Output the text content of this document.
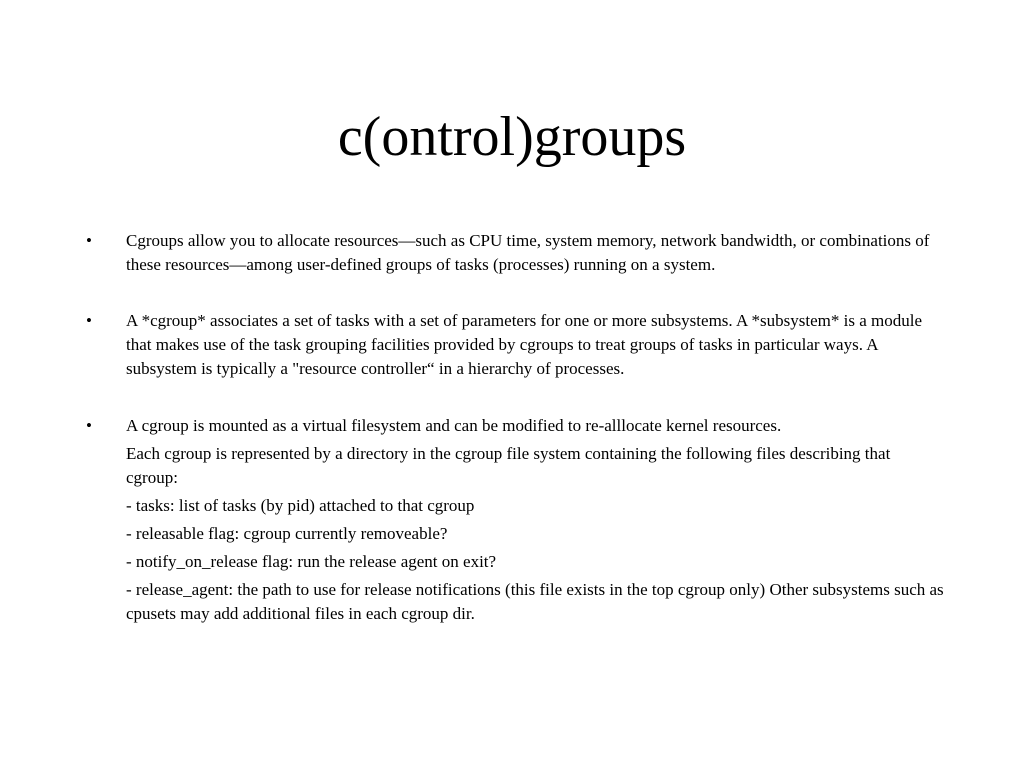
c(ontrol)groups
• Cgroups allow you to allocate resources—such as CPU time, system memory, network bandwidth, or combinations of these resources—among user-defined groups of tasks (processes) running on a system.
• A *cgroup* associates a set of tasks with a set of parameters for one or more subsystems. A *subsystem* is a module that makes use of the task grouping facilities provided by cgroups to treat groups of tasks in particular ways. A subsystem is typically a "resource controller“ in a hierarchy of processes.
• A cgroup is mounted as a virtual filesystem and can be modified to re-alllocate kernel resources.

Each cgroup is represented by a directory in the cgroup file system containing the following files describing that cgroup:

- tasks: list of tasks (by pid) attached to that cgroup

- releasable flag: cgroup currently removeable?

- notify_on_release flag: run the release agent on exit?

- release_agent: the path to use for release notifications (this file exists in the top cgroup only) Other subsystems such as cpusets may add additional files in each cgroup dir.
